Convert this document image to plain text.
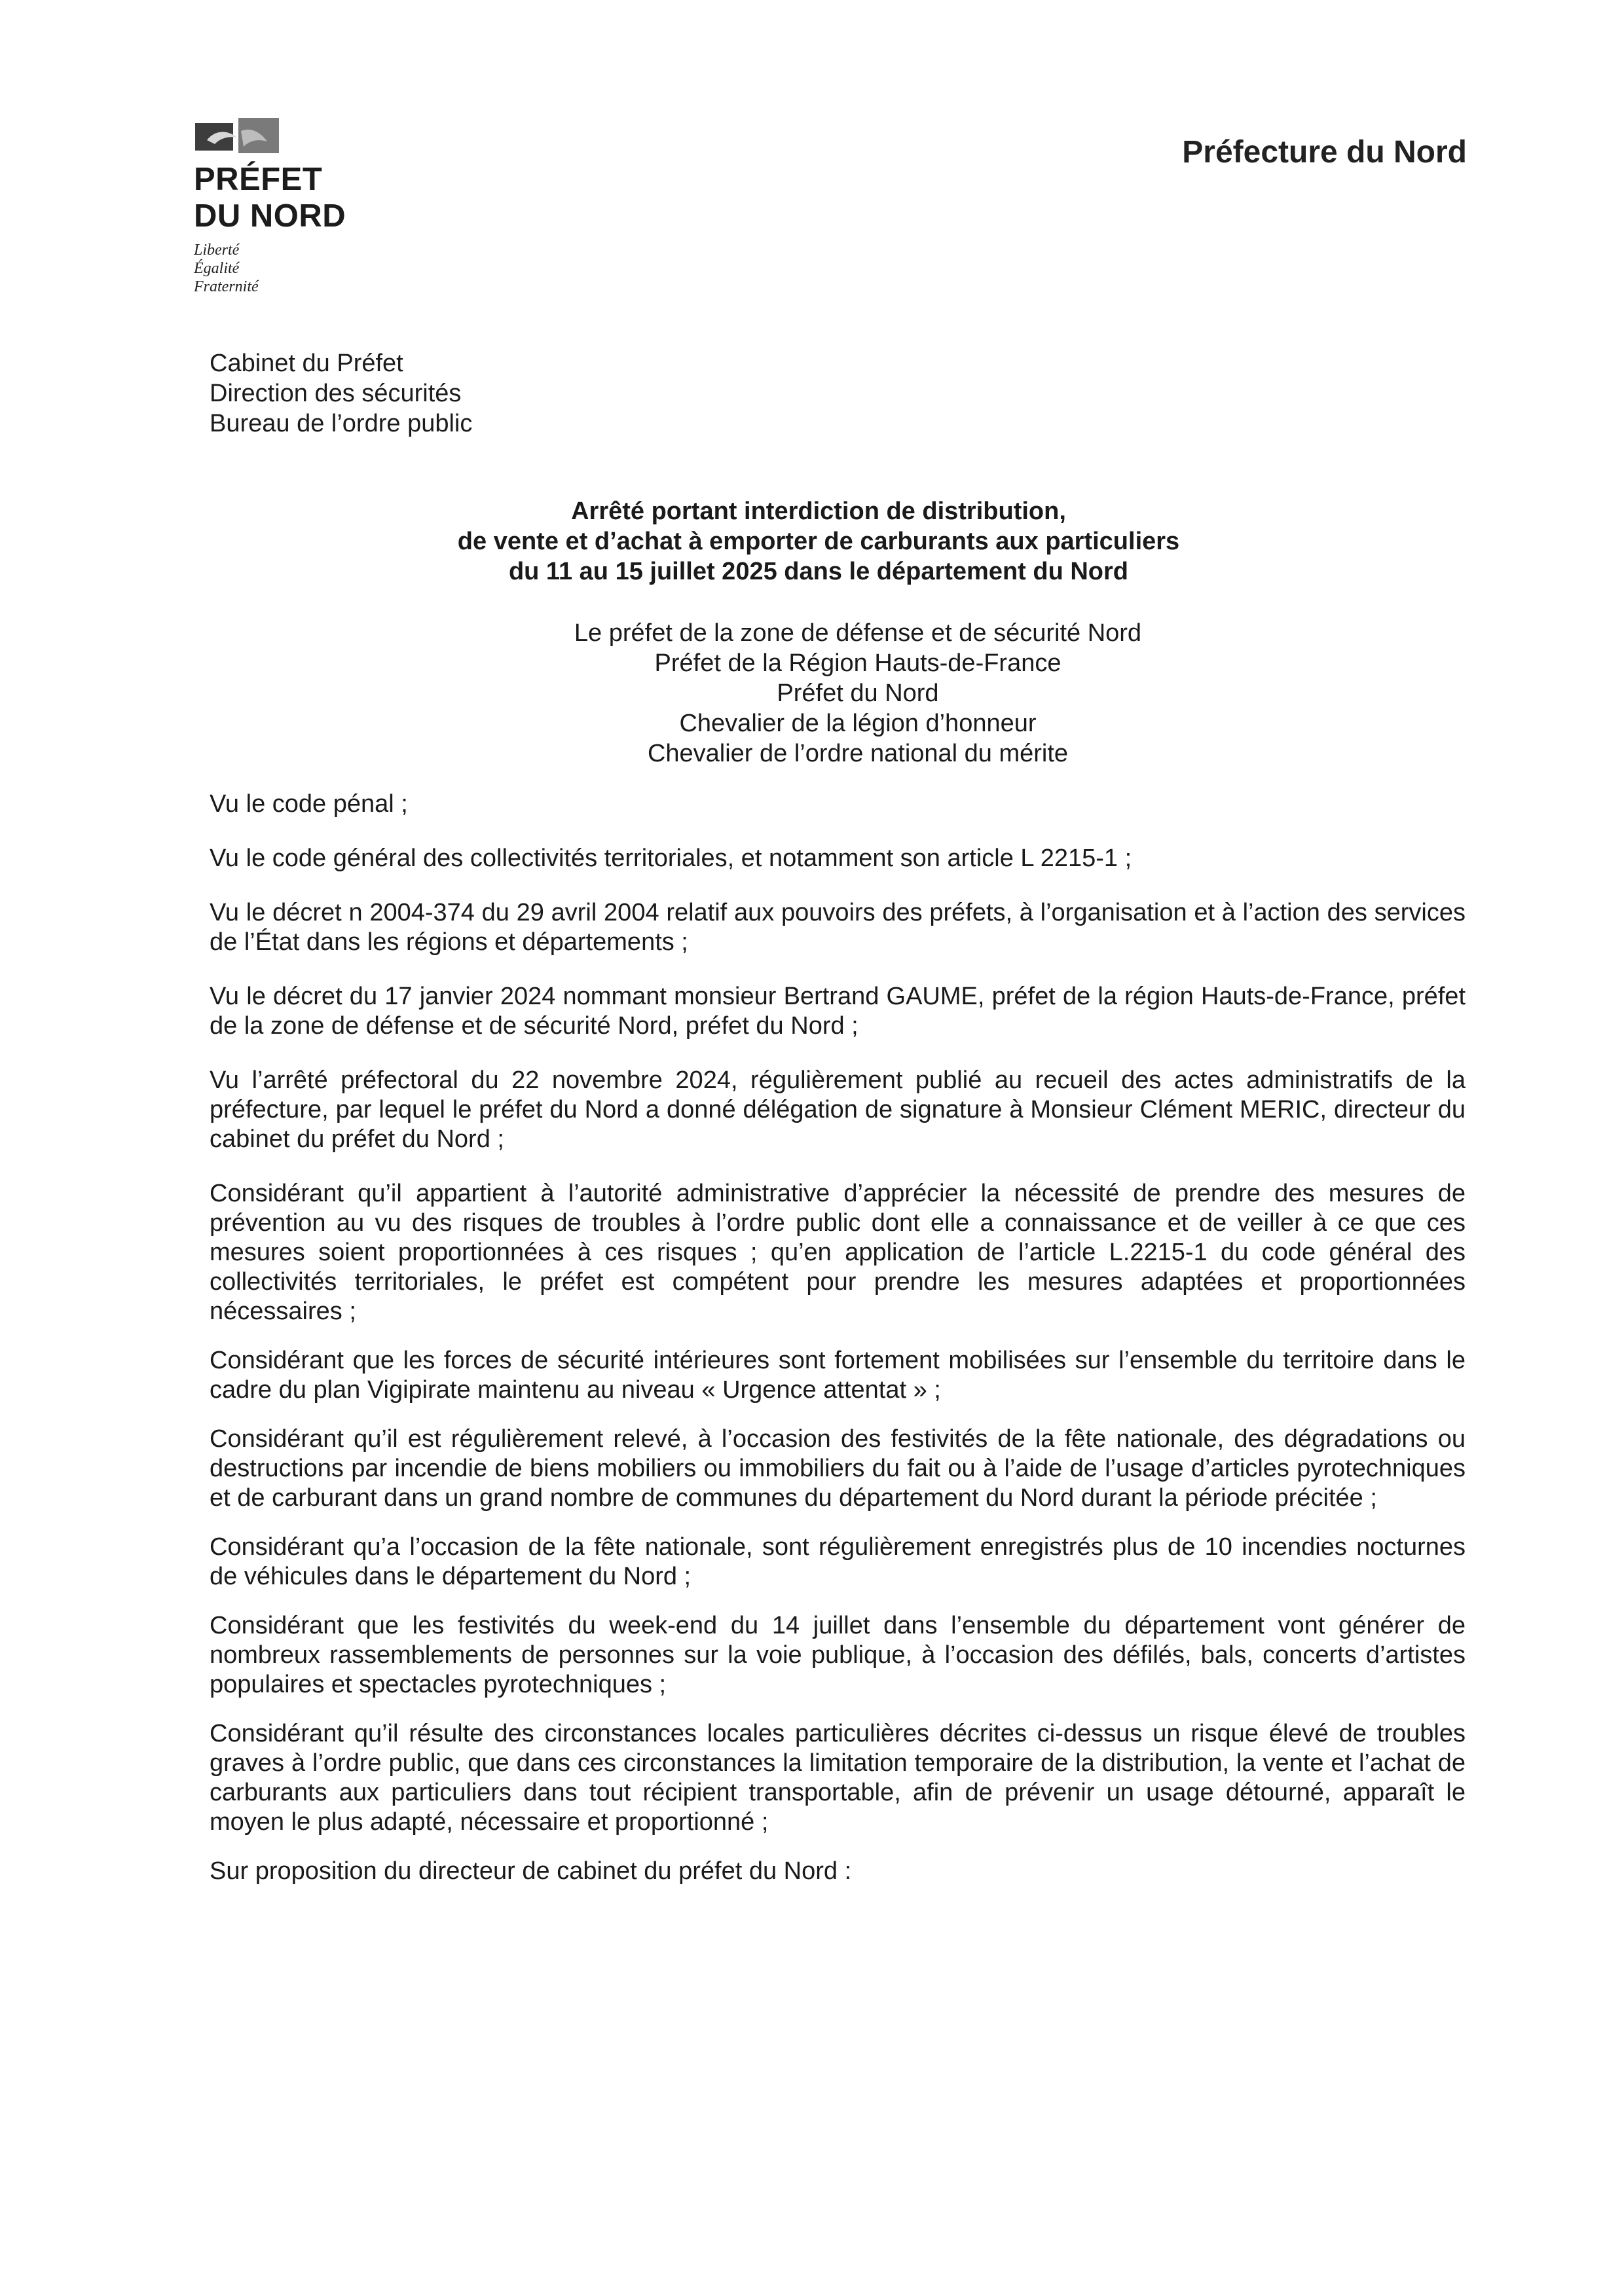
PRÉFET
DU NORD
Liberté
Égalité
Fraternité
Préfecture du Nord
Cabinet du Préfet
Direction des sécurités
Bureau de l’ordre public
Arrêté portant interdiction de distribution,
de vente et d’achat à emporter de carburants aux particuliers
du 11 au 15 juillet 2025 dans le département du Nord
Le préfet de la zone de défense et de sécurité Nord
Préfet de la Région Hauts-de-France
Préfet du Nord
Chevalier de la légion d’honneur
Chevalier de l’ordre national du mérite

Vu le code pénal ;

Vu le code général des collectivités territoriales, et notamment son article L 2215-1 ;

Vu le décret n 2004-374 du 29 avril 2004 relatif aux pouvoirs des préfets, à l’organisation et à l’action des services de l’État dans les régions et départements ;

Vu le décret du 17 janvier 2024 nommant monsieur Bertrand GAUME, préfet de la région Hauts-de-France, préfet de la zone de défense et de sécurité Nord, préfet du Nord ;

Vu l’arrêté préfectoral du 22 novembre 2024, régulièrement publié au recueil des actes administratifs de la préfecture, par lequel le préfet du Nord a donné délégation de signature à Monsieur Clément MERIC, directeur du cabinet du préfet du Nord ;

Considérant qu’il appartient à l’autorité administrative d’apprécier la nécessité de prendre des mesures de prévention au vu des risques de troubles à l’ordre public dont elle a connaissance et de veiller à ce que ces mesures soient proportionnées à ces risques ; qu’en application de l’article L.2215-1 du code général des collectivités territoriales, le préfet est compétent pour prendre les mesures adaptées et proportionnées nécessaires ;

Considérant que les forces de sécurité intérieures sont fortement mobilisées sur l’ensemble du territoire dans le cadre du plan Vigipirate maintenu au niveau « Urgence attentat » ;

Considérant qu’il est régulièrement relevé, à l’occasion des festivités de la fête nationale, des dégradations ou destructions par incendie de biens mobiliers ou immobiliers du fait ou à l’aide de l’usage d’articles pyrotechniques et de carburant dans un grand nombre de communes du département du Nord durant la période précitée ;

Considérant qu’a l’occasion de la fête nationale, sont régulièrement enregistrés plus de 10 incendies nocturnes de véhicules dans le département du Nord ;

Considérant que les festivités du week-end du 14 juillet dans l’ensemble du département vont générer de nombreux rassemblements de personnes sur la voie publique, à l’occasion des défilés, bals, concerts d’artistes populaires et spectacles pyrotechniques ;

Considérant qu’il résulte des circonstances locales particulières décrites ci-dessus un risque élevé de troubles graves à l’ordre public, que dans ces circonstances la limitation temporaire de la distribution, la vente et l’achat de carburants aux particuliers dans tout récipient transportable, afin de prévenir un usage détourné, apparaît le moyen le plus adapté, nécessaire et proportionné ;

Sur proposition du directeur de cabinet du préfet du Nord :
